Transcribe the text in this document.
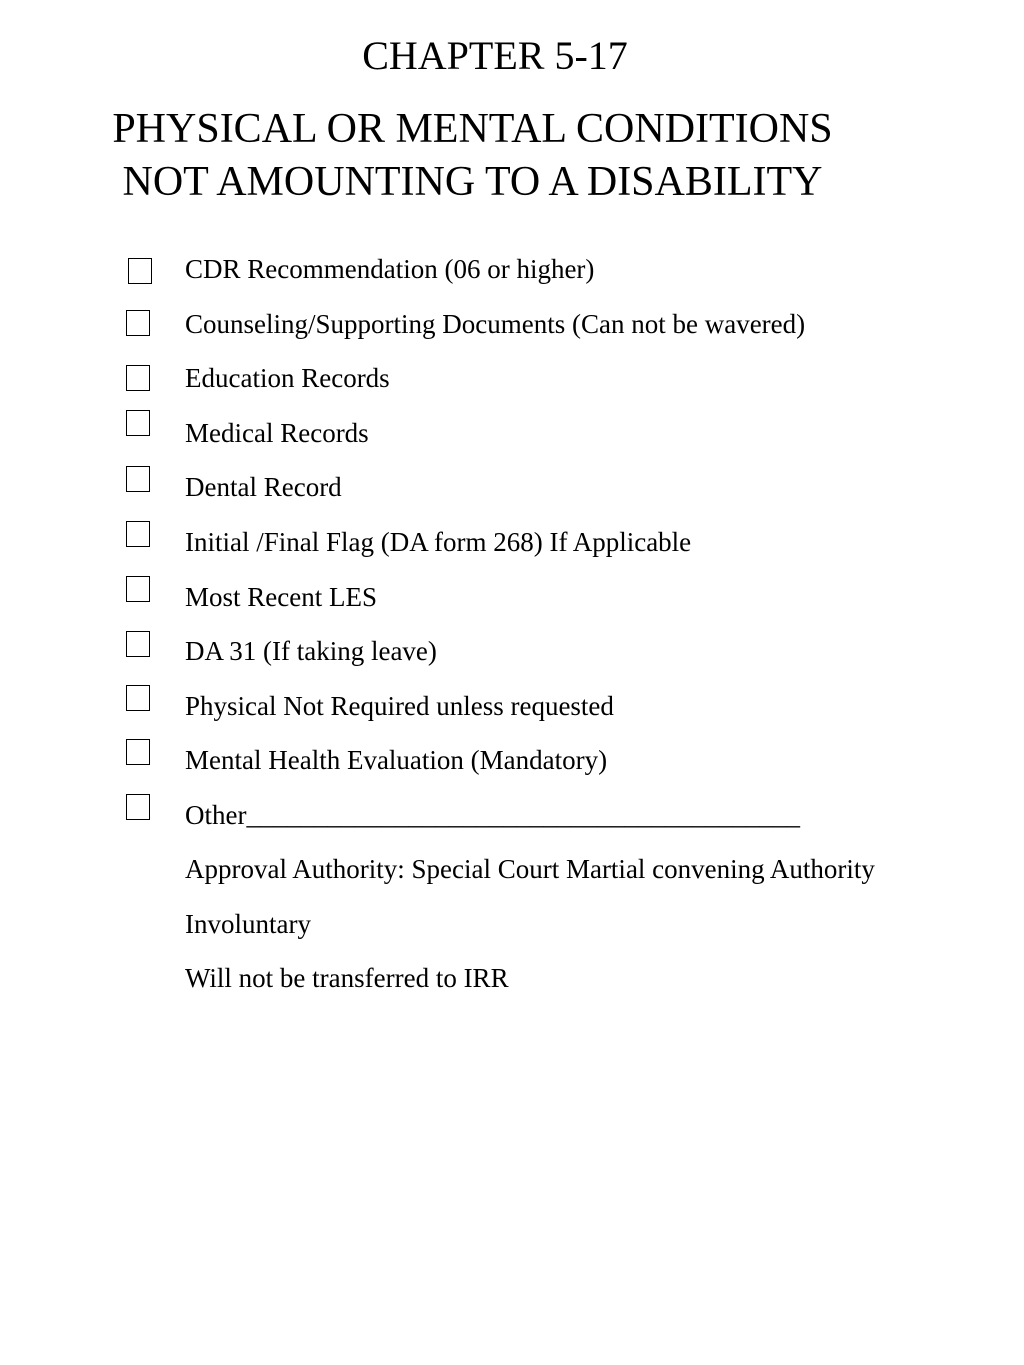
CHAPTER 5-17
PHYSICAL OR MENTAL CONDITIONS
NOT AMOUNTING TO A DISABILITY
CDR Recommendation (06 or higher)
Counseling/Supporting Documents (Can not be wavered)
Education Records
Medical Records
Dental Record
Initial /Final Flag (DA form 268) If Applicable
Most Recent LES
DA 31 (If taking leave)
Physical Not Required unless requested
Mental Health Evaluation (Mandatory)
Other_________________________________________

Approval Authority: Special Court Martial convening Authority

Involuntary

Will not be transferred to IRR
